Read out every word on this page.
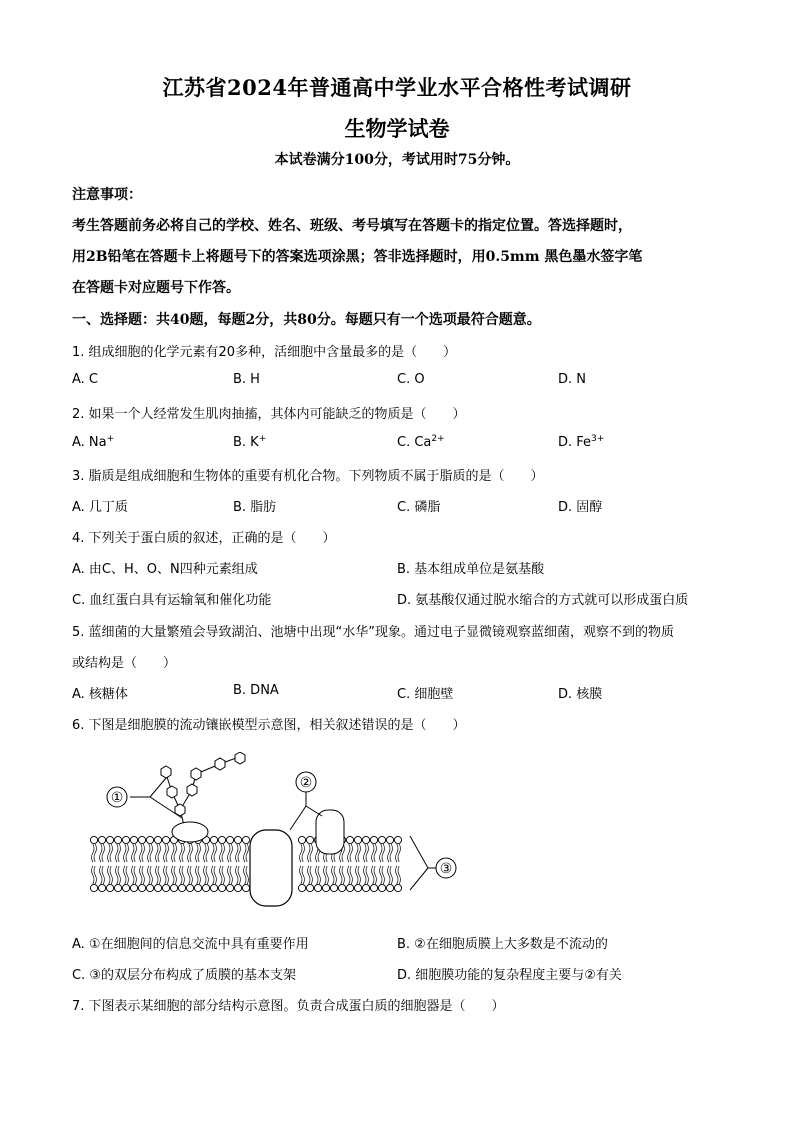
江苏省2024年普通高中学业水平合格性考试调研
生物学试卷
本试卷满分100分，考试用时75分钟。
注意事项：
考生答题前务必将自己的学校、姓名、班级、考号填写在答题卡的指定位置。答选择题时，
用2B铅笔在答题卡上将题号下的答案选项涂黑；答非选择题时，用0.5mm 黑色墨水签字笔
在答题卡对应题号下作答。
一、选择题：共40题，每题2分，共80分。每题只有一个选项最符合题意。
1. 组成细胞的化学元素有20多种，活细胞中含量最多的是（　　）
A. C	B. H	C. O	D. N
2. 如果一个人经常发生肌肉抽搐，其体内可能缺乏的物质是（　　）
A. Na+	B. K+	C. $Ca^{2+}$	D. $Fe^{3+}$
3. 脂质是组成细胞和生物体的重要有机化合物。下列物质不属于脂质的是（　　）
A. 几丁质	B. 脂肪	C. 磷脂	D. 固醇
4. 下列关于蛋白质的叙述，正确的是（　　）
A. 由C、H、O、N四种元素组成	B. 基本组成单位是氨基酸
C. 血红蛋白具有运输氧和催化功能	D. 氨基酸仅通过脱水缩合的方式就可以形成蛋白质
5. 蓝细菌的大量繁殖会导致湖泊、池塘中出现“水华”现象。通过电子显微镜观察蓝细菌，观察不到的物质
或结构是（　　）
A. 核糖体	B. DNA	C. 细胞壁	D. 核膜
6. 下图是细胞膜的流动镶嵌模型示意图，相关叙述错误的是（　　）
①
②
③
A. ①在细胞间的信息交流中具有重要作用	B. ②在细胞质膜上大多数是不流动的
C. ③的双层分布构成了质膜的基本支架	D. 细胞膜功能的复杂程度主要与②有关
7. 下图表示某细胞的部分结构示意图。负责合成蛋白质的细胞器是（　　）
